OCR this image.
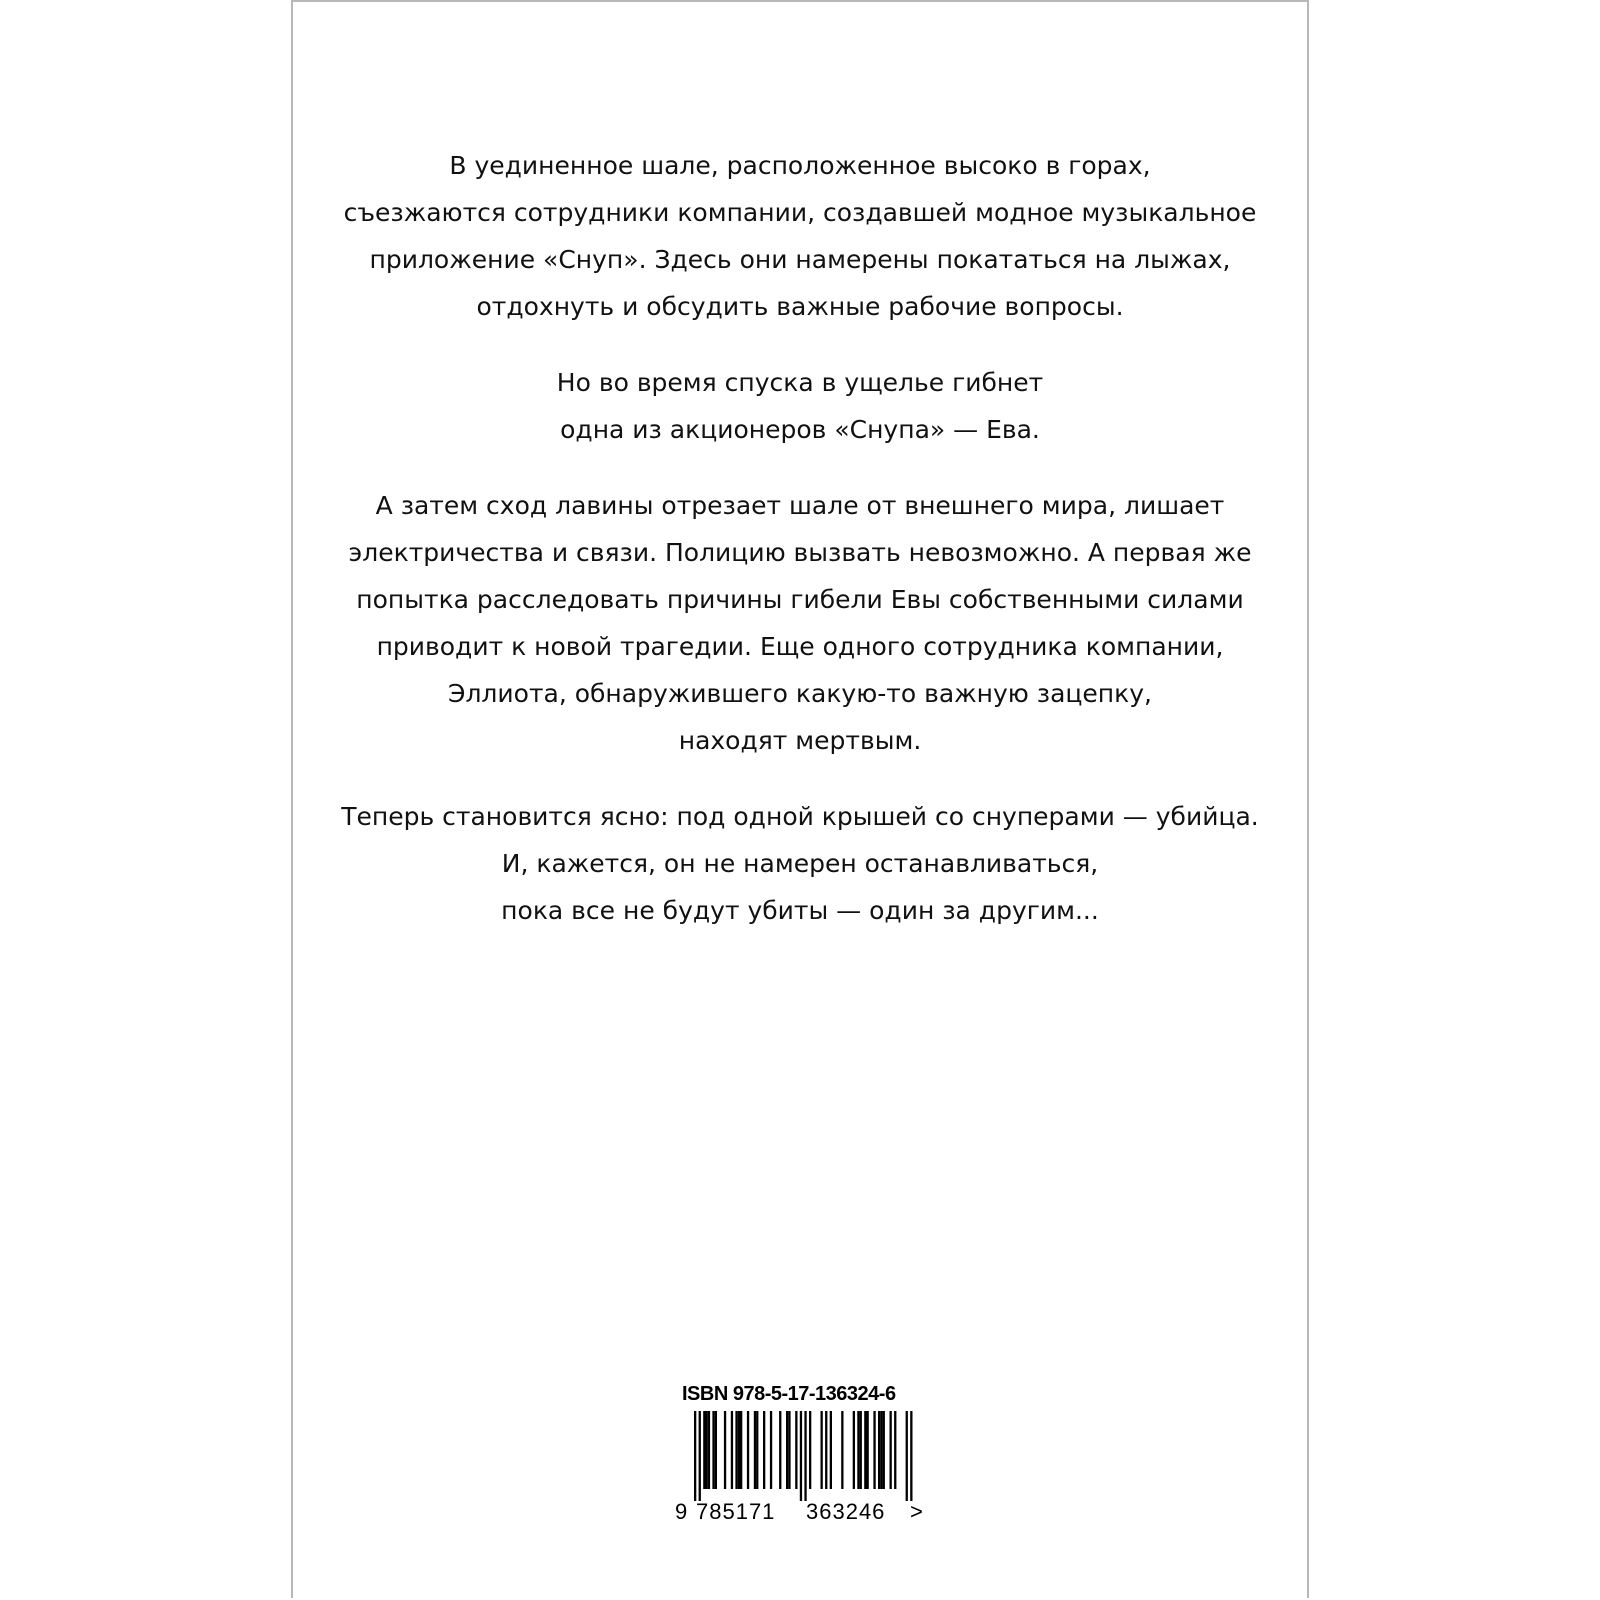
В уединенное шале, расположенное высоко в горах,
съезжаются сотрудники компании, создавшей модное музыкальное
приложение «Снуп». Здесь они намерены покататься на лыжах,
отдохнуть и обсудить важные рабочие вопросы.

Но во время спуска в ущелье гибнет
одна из акционеров «Снупа» — Ева.

А затем сход лавины отрезает шале от внешнего мира, лишает
электричества и связи. Полицию вызвать невозможно. А первая же
попытка расследовать причины гибели Евы собственными силами
приводит к новой трагедии. Еще одного сотрудника компании,
Эллиота, обнаружившего какую-то важную зацепку,
находят мертвым.

Теперь становится ясно: под одной крышей со снуперами — убийца.
И, кажется, он не намерен останавливаться,
пока все не будут убиты — один за другим...

ISBN 978-5-17-136324-6
9 785171 363246 >
